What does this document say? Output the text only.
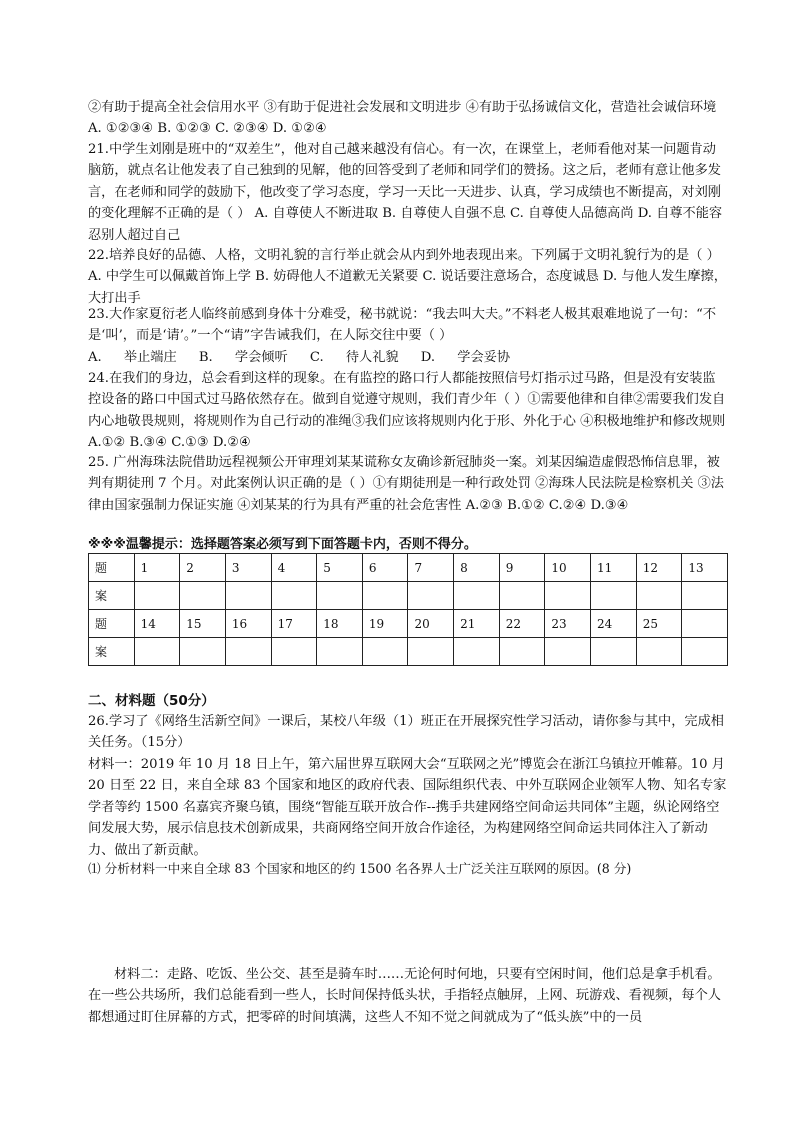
②有助于提高全社会信用水平 ③有助于促进社会发展和文明进步 ④有助于弘扬诚信文化，营造社会诚信环境 A. ①②③④ B. ①②③ C. ②③④ D. ①②④

21.中学生刘刚是班中的“双差生”，他对自己越来越没有信心。有一次，在课堂上，老师看他对某一问题肯动脑筋，就点名让他发表了自己独到的见解，他的回答受到了老师和同学们的赞扬。这之后，老师有意让他多发言，在老师和同学的鼓励下，他改变了学习态度，学习一天比一天进步、认真，学习成绩也不断提高，对刘刚的变化理解不正确的是（ ） A. 自尊使人不断进取 B. 自尊使人自强不息 C. 自尊使人品德高尚 D. 自尊不能容忍别人超过自己

22.培养良好的品德、人格，文明礼貌的言行举止就会从内到外地表现出来。下列属于文明礼貌行为的是（ ）A. 中学生可以佩戴首饰上学 B. 妨碍他人不道歉无关紧要 C. 说话要注意场合，态度诚恳 D. 与他人发生摩擦，大打出手

23.大作家夏衍老人临终前感到身体十分难受，秘书就说：“我去叫大夫。”不料老人极其艰难地说了一句：“不是‘叫’，而是‘请’。”一个“请”字告诫我们，在人际交往中要（ ）

A. 举止端庄 B. 学会倾听 C. 待人礼貌 D. 学会妥协

24.在我们的身边，总会看到这样的现象。在有监控的路口行人都能按照信号灯指示过马路，但是没有安装监控设备的路口中国式过马路依然存在。做到自觉遵守规则，我们青少年（ ）①需要他律和自律②需要我们发自内心地敬畏规则，将规则作为自己行动的准绳③我们应该将规则内化于形、外化于心 ④积极地维护和修改规则 A.①② B.③④ C.①③ D.②④

25. 广州海珠法院借助远程视频公开审理刘某某谎称女友确诊新冠肺炎一案。刘某因编造虚假恐怖信息罪，被判有期徒刑 7 个月。对此案例认识正确的是（ ）①有期徒刑是一种行政处罚 ②海珠人民法院是检察机关 ③法律由国家强制力保证实施 ④刘某某的行为具有严重的社会危害性 A.②③ B.①② C.②④ D.③④

※※※温馨提示：选择题答案必须写到下面答题卡内，否则不得分。
题	1	2	3	4	5	6	7	8	9	10	11	12	13
案													
题	14	15	16	17	18	19	20	21	22	23	24	25	
案													
二、材料题（50分）

26.学习了《网络生活新空间》一课后，某校八年级（1）班正在开展探究性学习活动，请你参与其中，完成相关任务。（15分）

材料一：2019 年 10 月 18 日上午，第六届世界互联网大会“互联网之光”博览会在浙江乌镇拉开帷幕。10 月 20 日至 22 日，来自全球 83 个国家和地区的政府代表、国际组织代表、中外互联网企业领军人物、知名专家学者等约 1500 名嘉宾齐聚乌镇，围绕“智能互联开放合作--携手共建网络空间命运共同体”主题，纵论网络空间发展大势，展示信息技术创新成果，共商网络空间开放合作途径，为构建网络空间命运共同体注入了新动力、做出了新贡献。

⑴ 分析材料一中来自全球 83 个国家和地区的约 1500 名各界人士广泛关注互联网的原因。(8 分)

材料二：走路、吃饭、坐公交、甚至是骑车时……无论何时何地，只要有空闲时间，他们总是拿手机看。在一些公共场所，我们总能看到一些人，长时间保持低头状，手指轻点触屏，上网、玩游戏、看视频，每个人都想通过盯住屏幕的方式，把零碎的时间填满，这些人不知不觉之间就成为了“低头族”中的一员
